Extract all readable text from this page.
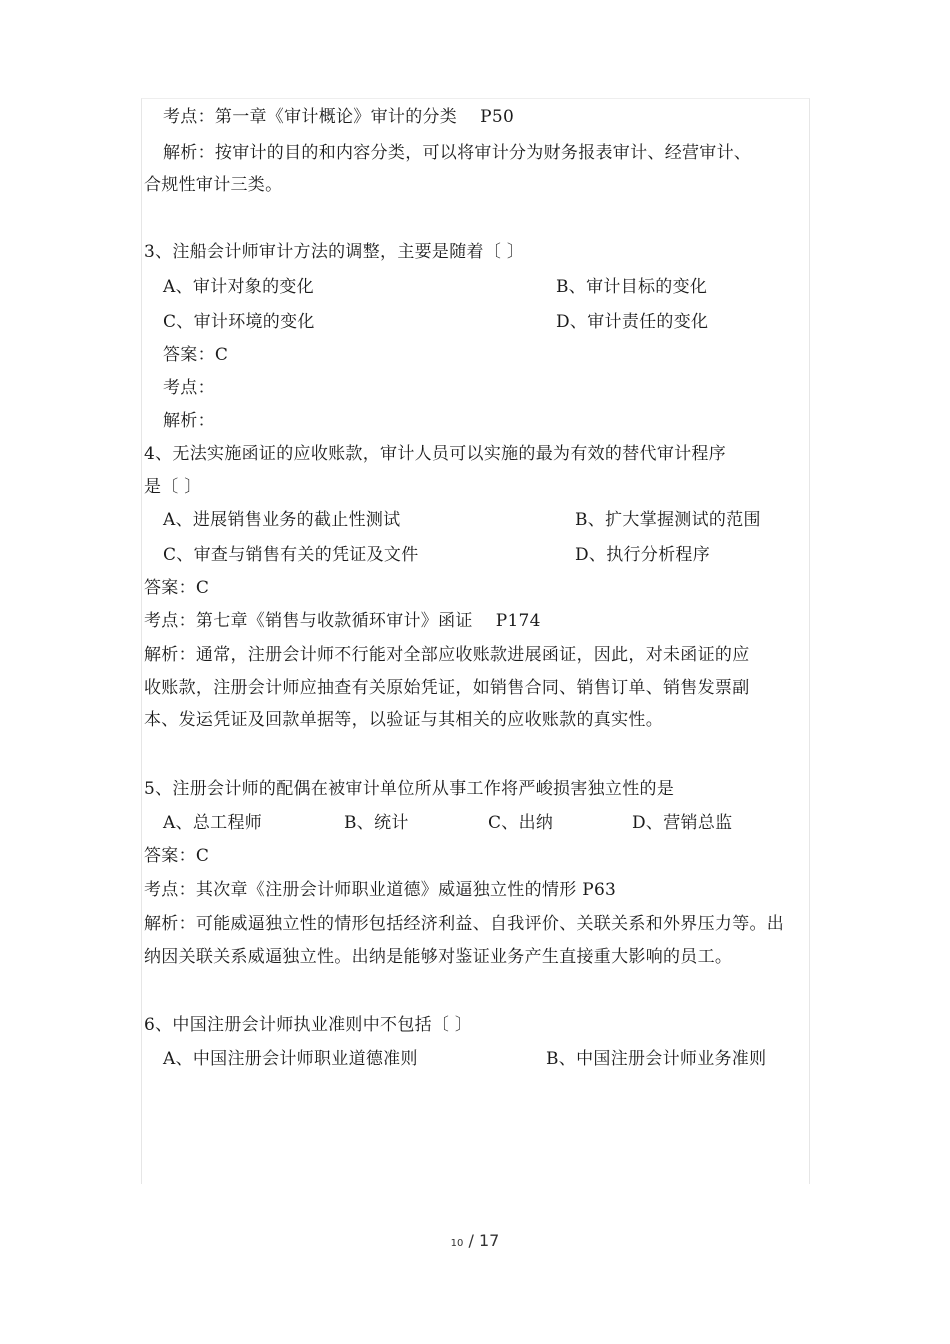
考点：第一章《审计概论》审计的分类　 P50
解析：按审计的目的和内容分类，可以将审计分为财务报表审计、经营审计、
合规性审计三类。
3、注船会计师审计方法的调整，主要是随着〔 〕
A、审计对象的变化	B、审计目标的变化
C、审计环境的变化	D、审计责任的变化
答案：C
考点：
解析：
4、无法实施函证的应收账款，审计人员可以实施的最为有效的替代审计程序
是〔 〕
A、进展销售业务的截止性测试	B、扩大掌握测试的范围
C、审查与销售有关的凭证及文件	D、执行分析程序
答案：C
考点：第七章《销售与收款循环审计》函证　 P174
解析：通常，注册会计师不行能对全部应收账款进展函证，因此，对未函证的应
收账款，注册会计师应抽查有关原始凭证，如销售合同、销售订单、销售发票副
本、发运凭证及回款单据等，以验证与其相关的应收账款的真实性。
5、注册会计师的配偶在被审计单位所从事工作将严峻损害独立性的是
A、总工程师	B、统计	C、出纳	D、营销总监
答案：C
考点：其次章《注册会计师职业道德》威逼独立性的情形 P63
解析：可能威逼独立性的情形包括经济利益、自我评价、关联关系和外界压力等。出
纳因关联关系威逼独立性。出纳是能够对鉴证业务产生直接重大影响的员工。
6、中国注册会计师执业准则中不包括〔 〕
A、中国注册会计师职业道德准则	B、中国注册会计师业务准则
10 / 17
